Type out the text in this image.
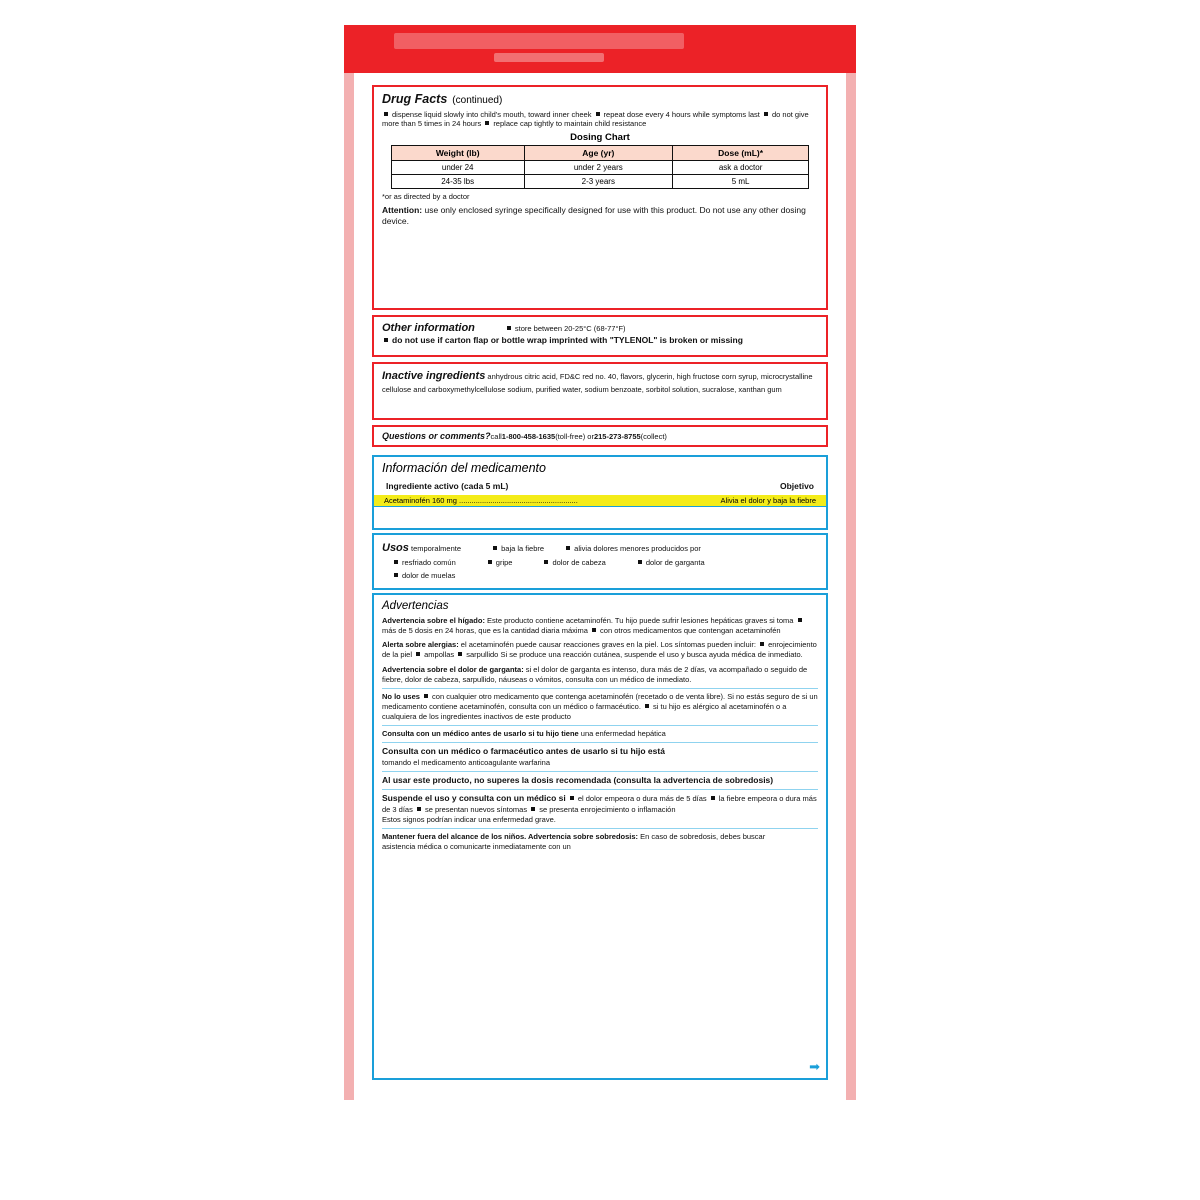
Drug Facts (continued)
dispense liquid slowly into child's mouth, toward inner cheek repeat dose every 4 hours while symptoms last do not give more than 5 times in 24 hours replace cap tightly to maintain child resistance
Dosing Chart
Weight (lb)	Age (yr)	Dose (mL)*
under 24	under 2 years	ask a doctor
24-35 lbs	2-3 years	5 mL
*or as directed by a doctor
Attention: use only enclosed syringe specifically designed for use with this product. Do not use any other dosing device.
Other information	store between 20-25°C (68-77°F)
do not use if carton flap or bottle wrap imprinted with "TYLENOL" is broken or missing
Inactive ingredients anhydrous citric acid, FD&C red no. 40, flavors, glycerin, high fructose corn syrup, microcrystalline cellulose and carboxymethylcellulose sodium, purified water, sodium benzoate, sorbitol solution, sucralose, xanthan gum
Questions or comments? call 1-800-458-1635 (toll-free) or 215-273-8755 (collect)
Información del medicamento
Ingrediente activo (cada 5 mL)	Objetivo
Acetaminofén 160 mg .........................................................	Alivia el dolor y baja la fiebre
Usos temporalmente	baja la fiebre	alivia dolores menores producidos por
resfriado común	gripe	dolor de cabeza	dolor de garganta
dolor de muelas
Advertencias
Advertencia sobre el hígado: Este producto contiene acetaminofén. Tu hijo puede sufrir lesiones hepáticas graves si toma más de 5 dosis en 24 horas, que es la cantidad diaria máxima con otros medicamentos que contengan acetaminofén
Alerta sobre alergias: el acetaminofén puede causar reacciones graves en la piel. Los síntomas pueden incluir: enrojecimiento de la piel ampollas sarpullido Si se produce una reacción cutánea, suspende el uso y busca ayuda médica de inmediato.
Advertencia sobre el dolor de garganta: si el dolor de garganta es intenso, dura más de 2 días, va acompañado o seguido de fiebre, dolor de cabeza, sarpullido, náuseas o vómitos, consulta con un médico de inmediato.
No lo uses con cualquier otro medicamento que contenga acetaminofén (recetado o de venta libre). Si no estás seguro de si un medicamento contiene acetaminofén, consulta con un médico o farmacéutico. si tu hijo es alérgico al acetaminofén o a cualquiera de los ingredientes inactivos de este producto
Consulta con un médico antes de usarlo si tu hijo tiene una enfermedad hepática
Consulta con un médico o farmacéutico antes de usarlo si tu hijo está
tomando el medicamento anticoagulante warfarina
Al usar este producto, no superes la dosis recomendada (consulta la advertencia de sobredosis)
Suspende el uso y consulta con un médico si el dolor empeora o dura más de 5 días la fiebre empeora o dura más de 3 días se presentan nuevos síntomas se presenta enrojecimiento o inflamación
Estos signos podrían indicar una enfermedad grave.
Mantener fuera del alcance de los niños. Advertencia sobre sobredosis: En caso de sobredosis, debes buscar asistencia médica o comunicarte inmediatamente con un
➡
